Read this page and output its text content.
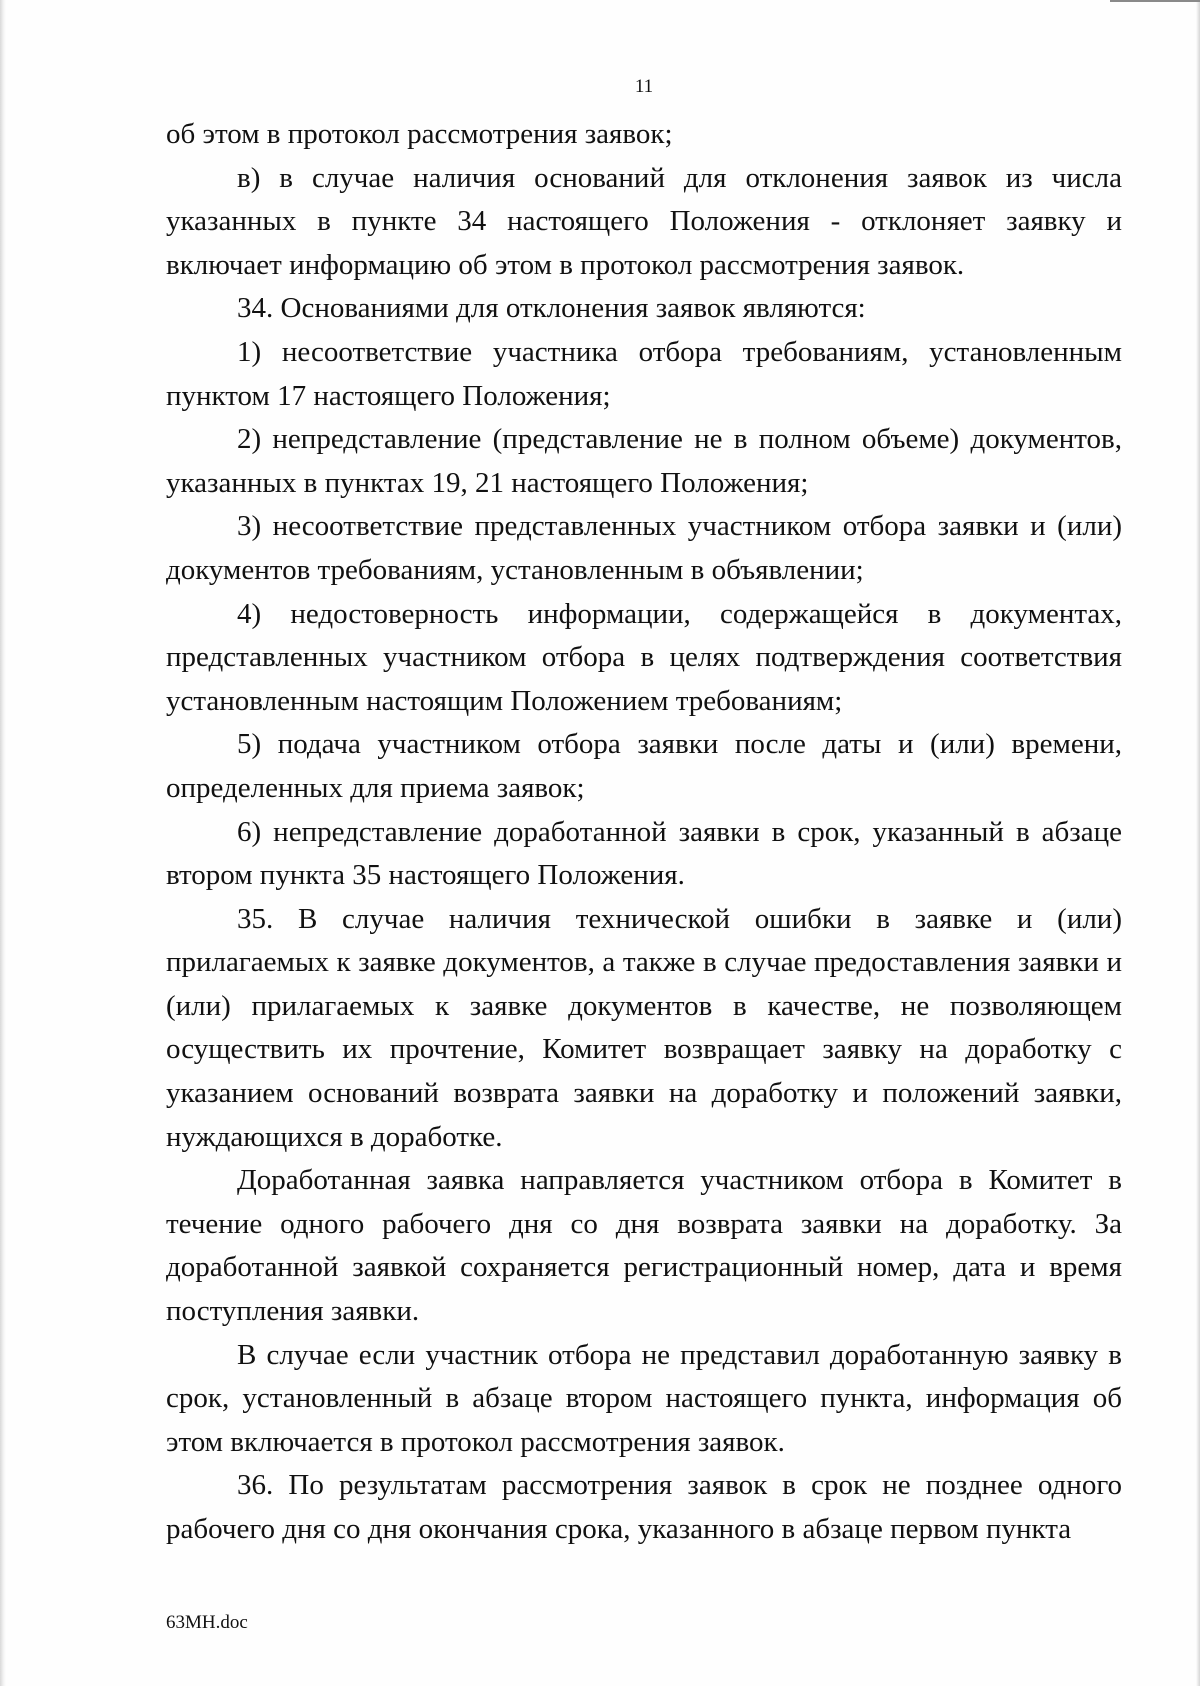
11

об этом в протокол рассмотрения заявок;

в) в случае наличия оснований для отклонения заявок из числа указанных в пункте 34 настоящего Положения - отклоняет заявку и включает информацию об этом в протокол рассмотрения заявок.

34. Основаниями для отклонения заявок являются:

1) несоответствие участника отбора требованиям, установленным пунктом 17 настоящего Положения;

2) непредставление (представление не в полном объеме) документов, указанных в пунктах 19, 21 настоящего Положения;

3) несоответствие представленных участником отбора заявки и (или) документов требованиям, установленным в объявлении;

4) недостоверность информации, содержащейся в документах, представленных участником отбора в целях подтверждения соответствия установленным настоящим Положением требованиям;

5) подача участником отбора заявки после даты и (или) времени, определенных для приема заявок;

6) непредставление доработанной заявки в срок, указанный в абзаце втором пункта 35 настоящего Положения.

35. В случае наличия технической ошибки в заявке и (или) прилагаемых к заявке документов, а также в случае предоставления заявки и (или) прилагаемых к заявке документов в качестве, не позволяющем осуществить их прочтение, Комитет возвращает заявку на доработку с указанием оснований возврата заявки на доработку и положений заявки, нуждающихся в доработке.

Доработанная заявка направляется участником отбора в Комитет в течение одного рабочего дня со дня возврата заявки на доработку. За доработанной заявкой сохраняется регистрационный номер, дата и время поступления заявки.

В случае если участник отбора не представил доработанную заявку в срок, установленный в абзаце втором настоящего пункта, информация об этом включается в протокол рассмотрения заявок.

36. По результатам рассмотрения заявок в срок не позднее одного рабочего дня со дня окончания срока, указанного в абзаце первом пункта

63МН.doc
